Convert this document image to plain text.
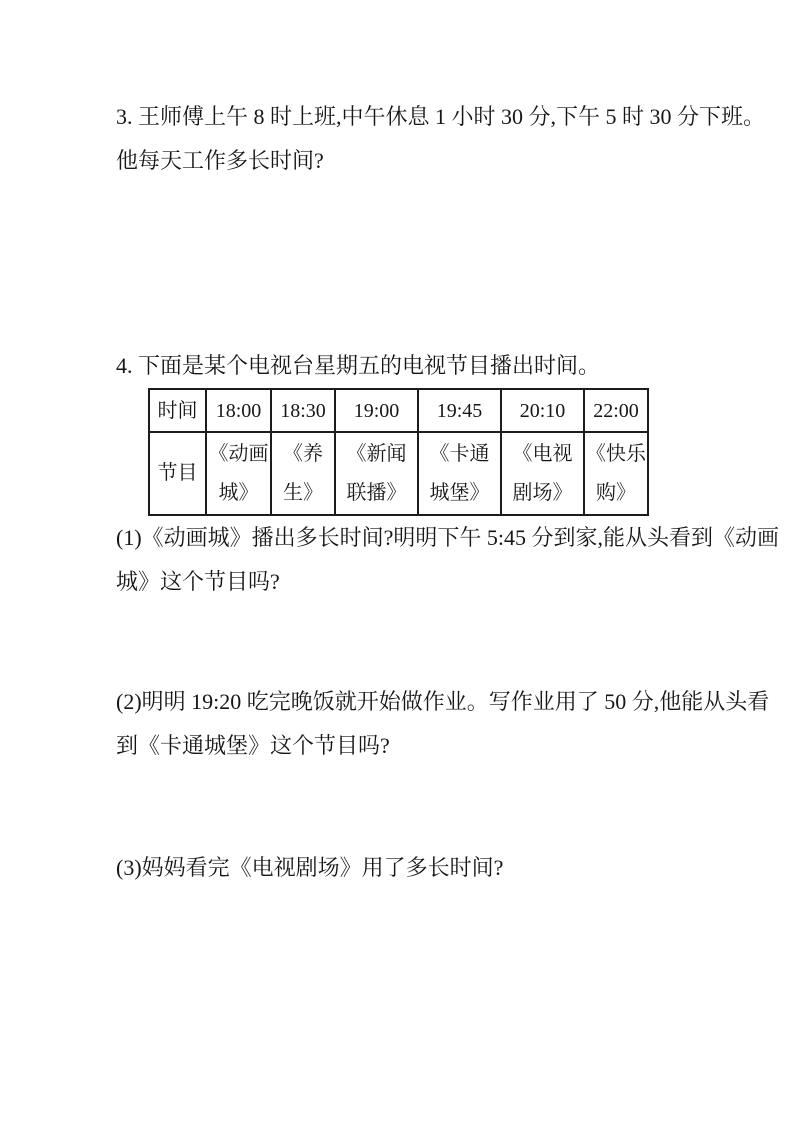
3. 王师傅上午 8 时上班,中午休息 1 小时 30 分,下午 5 时 30 分下班。
他每天工作多长时间?
4. 下面是某个电视台星期五的电视节目播出时间。
时间	18:00	18:30	19:00	19:45	20:10	22:00
节目	《动画城》	《养生》	《新闻联播》	《卡通城堡》	《电视剧场》	《快乐购》
(1)《动画城》播出多长时间?明明下午 5:45 分到家,能从头看到《动画
城》这个节目吗?
(2)明明 19:20 吃完晚饭就开始做作业。写作业用了 50 分,他能从头看
到《卡通城堡》这个节目吗?
(3)妈妈看完《电视剧场》用了多长时间?
